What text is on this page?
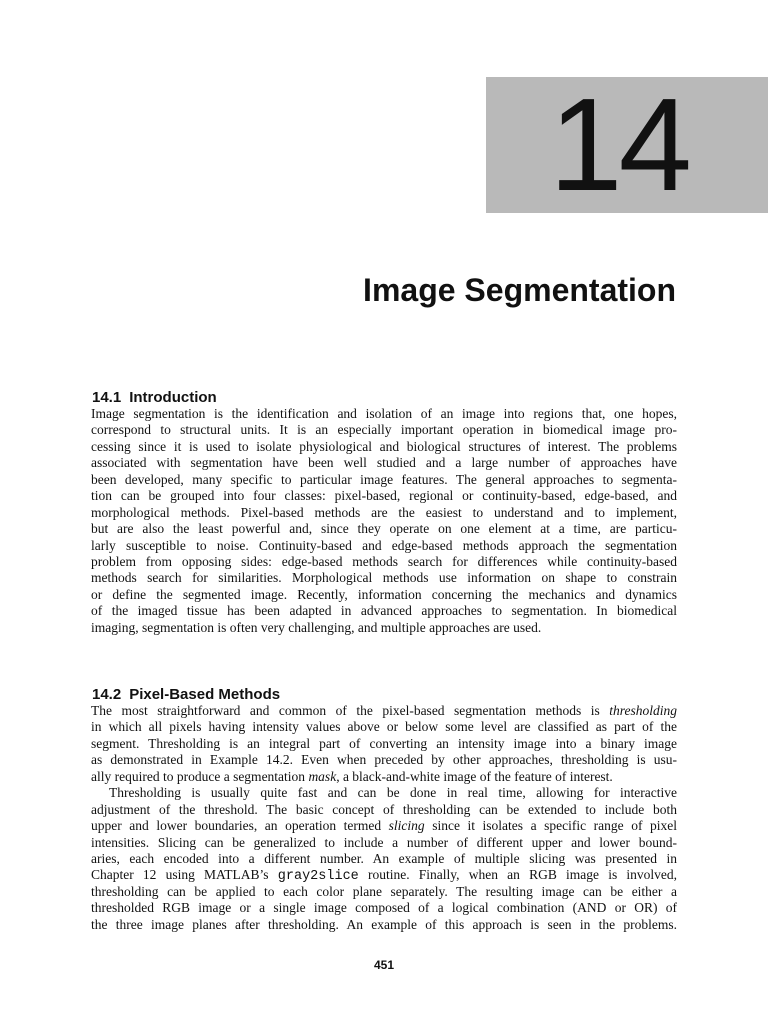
14
Image Segmentation
14.1 Introduction
Image segmentation is the identification and isolation of an image into regions that, one hopes,
correspond to structural units. It is an especially important operation in biomedical image pro-
cessing since it is used to isolate physiological and biological structures of interest. The problems
associated with segmentation have been well studied and a large number of approaches have
been developed, many specific to particular image features. The general approaches to segmenta-
tion can be grouped into four classes: pixel-based, regional or continuity-based, edge-based, and
morphological methods. Pixel-based methods are the easiest to understand and to implement,
but are also the least powerful and, since they operate on one element at a time, are particu-
larly susceptible to noise. Continuity-based and edge-based methods approach the segmentation
problem from opposing sides: edge-based methods search for differences while continuity-based
methods search for similarities. Morphological methods use information on shape to constrain
or define the segmented image. Recently, information concerning the mechanics and dynamics
of the imaged tissue has been adapted in advanced approaches to segmentation. In biomedical
imaging, segmentation is often very challenging, and multiple approaches are used.
14.2 Pixel-Based Methods
The most straightforward and common of the pixel-based segmentation methods is thresholding
in which all pixels having intensity values above or below some level are classified as part of the
segment. Thresholding is an integral part of converting an intensity image into a binary image
as demonstrated in Example 14.2. Even when preceded by other approaches, thresholding is usu-
ally required to produce a segmentation mask, a black-and-white image of the feature of interest.
Thresholding is usually quite fast and can be done in real time, allowing for interactive
adjustment of the threshold. The basic concept of thresholding can be extended to include both
upper and lower boundaries, an operation termed slicing since it isolates a specific range of pixel
intensities. Slicing can be generalized to include a number of different upper and lower bound-
aries, each encoded into a different number. An example of multiple slicing was presented in
Chapter 12 using MATLAB’s gray2slice routine. Finally, when an RGB image is involved,
thresholding can be applied to each color plane separately. The resulting image can be either a
thresholded RGB image or a single image composed of a logical combination (AND or OR) of
the three image planes after thresholding. An example of this approach is seen in the problems.
451
